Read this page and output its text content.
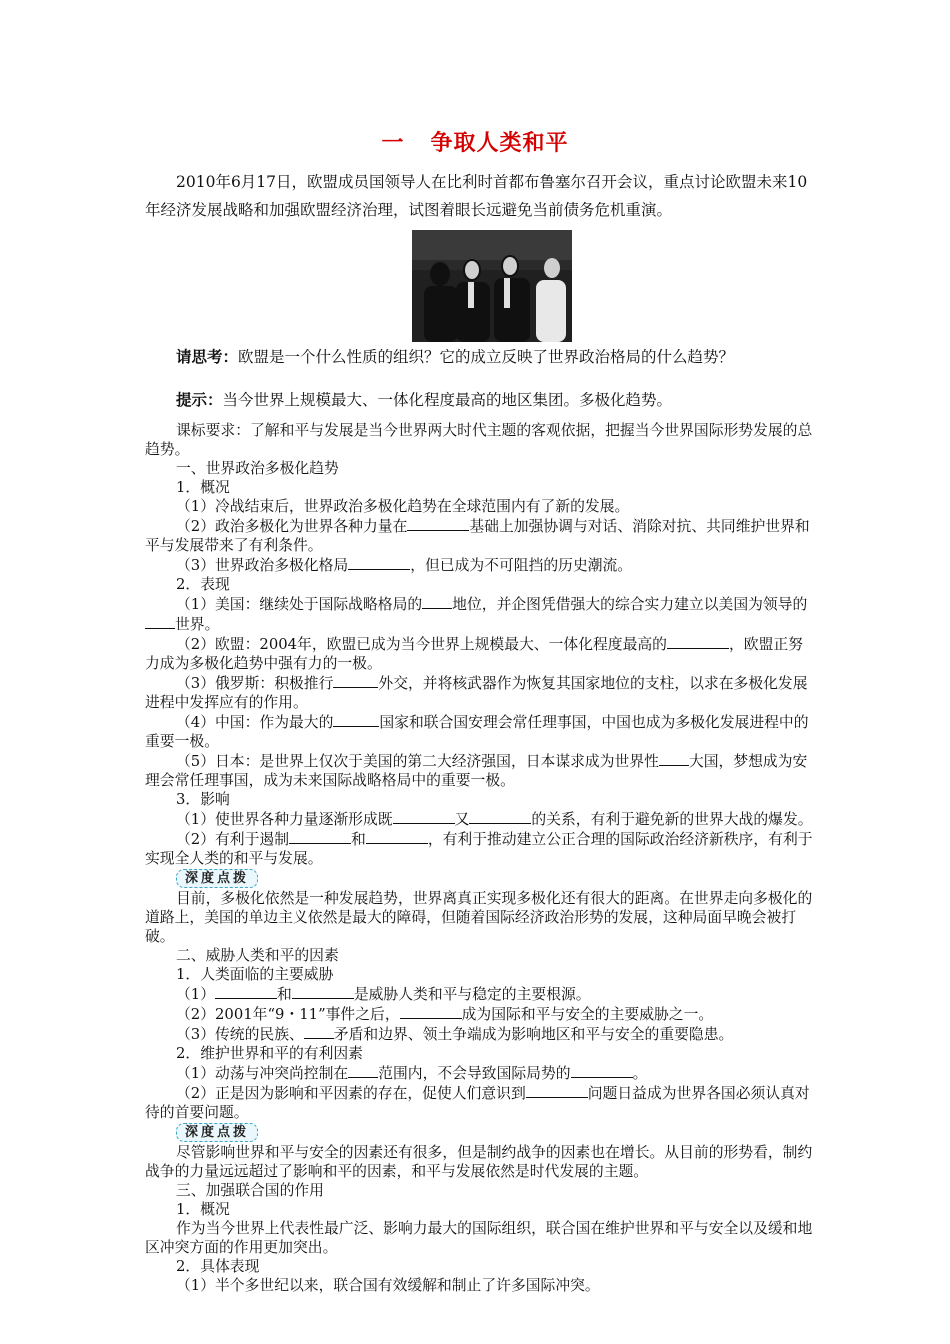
一 争取人类和平

2010年6月17日，欧盟成员国领导人在比利时首都布鲁塞尔召开会议，重点讨论欧盟未来10年经济发展战略和加强欧盟经济治理，试图着眼长远避免当前债务危机重演。

请思考：欧盟是一个什么性质的组织？它的成立反映了世界政治格局的什么趋势？
提示：当今世界上规模最大、一体化程度最高的地区集团。多极化趋势。

课标要求：了解和平与发展是当今世界两大时代主题的客观依据，把握当今世界国际形势发展的总趋势。

一、世界政治多极化趋势

1．概况

（1）冷战结束后，世界政治多极化趋势在全球范围内有了新的发展。

（2）政治多极化为世界各种力量在	基础上加强协调与对话、消除对抗、共同维护世界和平与发展带来了有利条件。

（3）世界政治多极化格局	，但已成为不可阻挡的历史潮流。

2．表现

（1）美国：继续处于国际战略格局的 地位，并企图凭借强大的综合实力建立以美国为领导的世界。

（2）欧盟：2004年，欧盟已成为当今世界上规模最大、一体化程度最高的	，欧盟正努力成为多极化趋势中强有力的一极。

（3）俄罗斯：积极推行	外交，并将核武器作为恢复其国家地位的支柱，以求在多极化发展进程中发挥应有的作用。

（4）中国：作为最大的	国家和联合国安理会常任理事国，中国也成为多极化发展进程中的重要一极。

（5）日本：是世界上仅次于美国的第二大经济强国，日本谋求成为世界性 大国，梦想成为安理会常任理事国，成为未来国际战略格局中的重要一极。

3．影响

（1）使世界各种力量逐渐形成既	又	的关系，有利于避免新的世界大战的爆发。

（2）有利于遏制	和	，有利于推动建立公正合理的国际政治经济新秩序，有利于实现全人类的和平与发展。

深度点拨

目前，多极化依然是一种发展趋势，世界离真正实现多极化还有很大的距离。在世界走向多极化的道路上，美国的单边主义依然是最大的障碍，但随着国际经济政治形势的发展，这种局面早晚会被打破。

二、威胁人类和平的因素

1．人类面临的主要威胁

（1）	和	是威胁人类和平与稳定的主要根源。

（2）2001年“9・11”事件之后，	成为国际和平与安全的主要威胁之一。

（3）传统的民族、 矛盾和边界、领土争端成为影响地区和平与安全的重要隐患。

2．维护世界和平的有利因素

（1）动荡与冲突尚控制在 范围内，不会导致国际局势的	。

（2）正是因为影响和平因素的存在，促使人们意识到	问题日益成为世界各国必须认真对待的首要问题。

深度点拨

尽管影响世界和平与安全的因素还有很多，但是制约战争的因素也在增长。从目前的形势看，制约战争的力量远远超过了影响和平的因素，和平与发展依然是时代发展的主题。

三、加强联合国的作用

1．概况

作为当今世界上代表性最广泛、影响力最大的国际组织，联合国在维护世界和平与安全以及缓和地区冲突方面的作用更加突出。

2．具体表现

（1）半个多世纪以来，联合国有效缓解和制止了许多国际冲突。
